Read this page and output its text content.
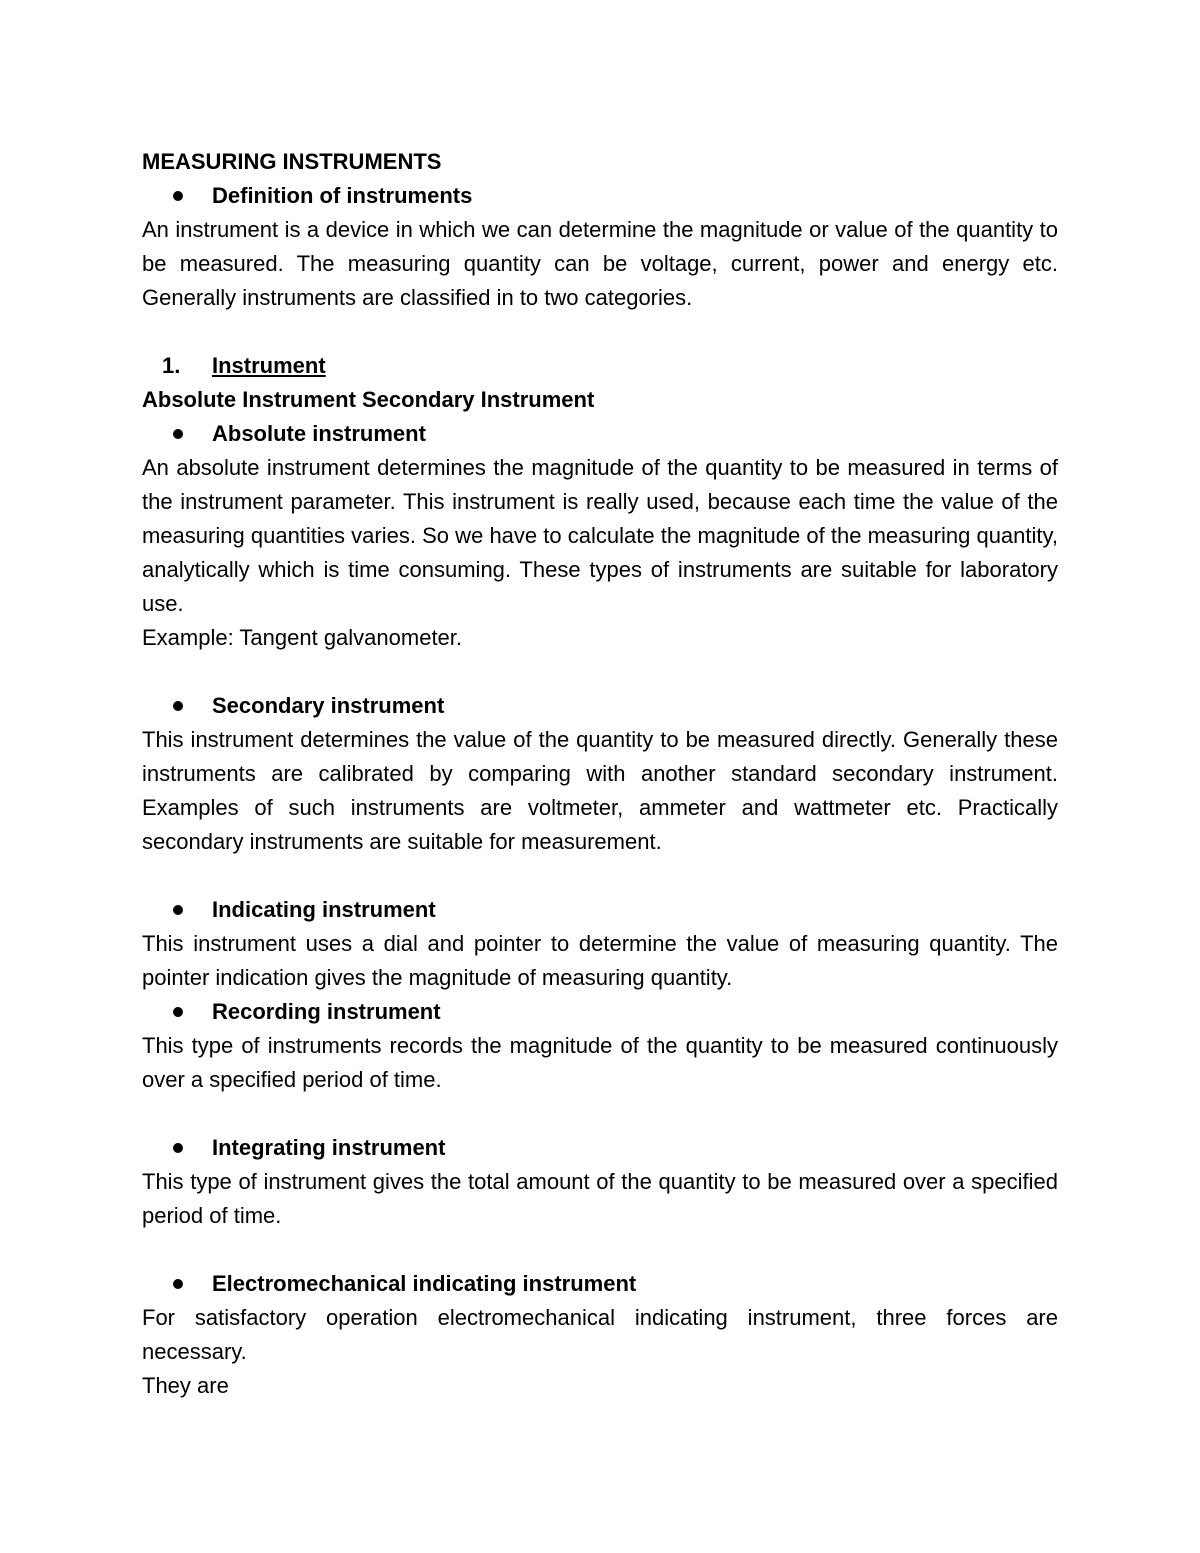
MEASURING INSTRUMENTS

Definition of instruments

An instrument is a device in which we can determine the magnitude or value of the quantity to be measured. The measuring quantity can be voltage, current, power and energy etc. Generally instruments are classified in to two categories.

1. Instrument

Absolute Instrument Secondary Instrument

Absolute instrument

An absolute instrument determines the magnitude of the quantity to be measured in terms of the instrument parameter. This instrument is really used, because each time the value of the measuring quantities varies. So we have to calculate the magnitude of the measuring quantity, analytically which is time consuming. These types of instruments are suitable for laboratory use.

Example: Tangent galvanometer.

Secondary instrument

This instrument determines the value of the quantity to be measured directly. Generally these instruments are calibrated by comparing with another standard secondary instrument. Examples of such instruments are voltmeter, ammeter and wattmeter etc. Practically secondary instruments are suitable for measurement.

Indicating instrument

This instrument uses a dial and pointer to determine the value of measuring quantity. The pointer indication gives the magnitude of measuring quantity.

Recording instrument

This type of instruments records the magnitude of the quantity to be measured continuously over a specified period of time.

Integrating instrument

This type of instrument gives the total amount of the quantity to be measured over a specified period of time.

Electromechanical indicating instrument

For satisfactory operation electromechanical indicating instrument, three forces are necessary.

They are
